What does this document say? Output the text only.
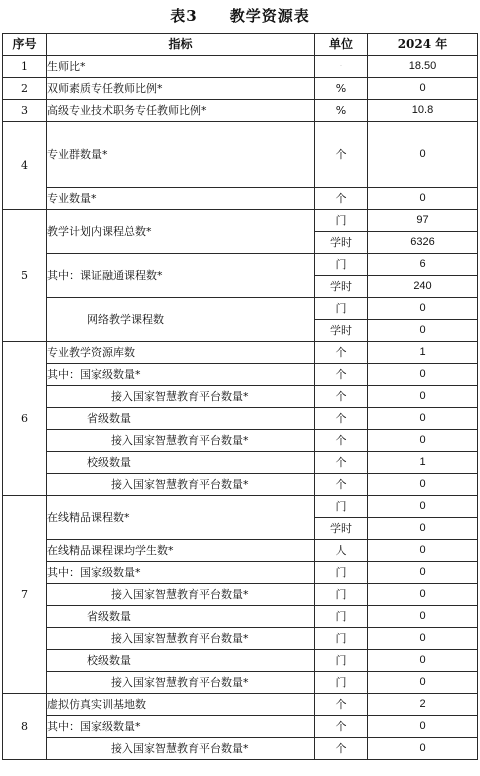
表3　　教学资源表
序号	指标	单位	2024 年
1	生师比*	·	18.50
2	双师素质专任教师比例*	%	0
3	高级专业技术职务专任教师比例*	%	10.8
4	专业群数量*	个	0
	专业数量*	个	0
5	教学计划内课程总数*	门	97
		学时	6326
	其中：课证融通课程数*	门	6
		学时	240
	网络教学课程数	门	0
		学时	0
6	专业教学资源库数	个	1
	其中：国家级数量*	个	0
	接入国家智慧教育平台数量*	个	0
	省级数量	个	0
	接入国家智慧教育平台数量*	个	0
	校级数量	个	1
	接入国家智慧教育平台数量*	个	0
7	在线精品课程数*	门	0
		学时	0
	在线精品课程课均学生数*	人	0
	其中：国家级数量*	门	0
	接入国家智慧教育平台数量*	门	0
	省级数量	门	0
	接入国家智慧教育平台数量*	门	0
	校级数量	门	0
	接入国家智慧教育平台数量*	门	0
8	虚拟仿真实训基地数	个	2
	其中：国家级数量*	个	0
	接入国家智慧教育平台数量*	个	0
